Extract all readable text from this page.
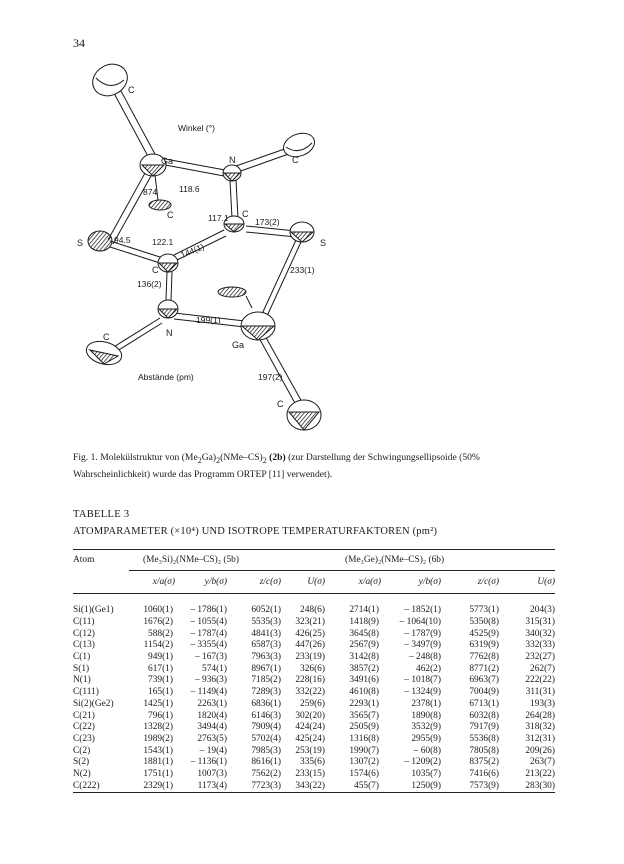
34
C
Ga	N	C
C	C
S	S
C
N
C
Ga
C
Winkel (°)
Abstände (pm)
874	118.6
117.1	173(2)
94.5	122.1 144(1)
233(1)
136(2)
199(1)
197(2)
Fig. 1. Molekülstruktur von $(Me_2Ga)_2(NMe-CS)_2$ (2b) (zur Darstellung der Schwingungsellipsoide (50% Wahrscheinlichkeit) wurde das Programm ORTEP [11] verwendet).
TABELLE 3
ATOMPARAMETER (×10⁴) UND ISOTROPE TEMPERATURFAKTOREN (pm²)
Atom	(Me₃Si)₂(NMe–CS)₂ (5b)				(Me₃Ge)₂(NMe–CS)₂ (6b)			
	x/a(σ)	y/b(σ)	z/c(σ)	U(σ)	x/a(σ)	y/b(σ)	z/c(σ)	U(σ)

Si(1)(Ge1)	1060(1)	– 1786(1)	6052(1)	248(6)	2714(1)	– 1852(1)	5773(1)	204(3)
C(11)	1676(2)	– 1055(4)	5535(3)	323(21)	1418(9)	– 1064(10)	5350(8)	315(31)
C(12)	588(2)	– 1787(4)	4841(3)	426(25)	3645(8)	– 1787(9)	4525(9)	340(32)
C(13)	1154(2)	– 3355(4)	6587(3)	447(26)	2567(9)	– 3497(9)	6319(9)	332(33)
C(1)	949(1)	– 167(3)	7963(3)	233(19)	3142(8)	– 248(8)	7762(8)	232(27)
S(1)	617(1)	574(1)	8967(1)	326(6)	3857(2)	462(2)	8771(2)	262(7)
N(1)	739(1)	– 936(3)	7185(2)	228(16)	3491(6)	– 1018(7)	6963(7)	222(22)
C(111)	165(1)	– 1149(4)	7289(3)	332(22)	4610(8)	– 1324(9)	7004(9)	311(31)
Si(2)(Ge2)	1425(1)	2263(1)	6836(1)	259(6)	2293(1)	2378(1)	6713(1)	193(3)
C(21)	796(1)	1820(4)	6146(3)	302(20)	3565(7)	1890(8)	6032(8)	264(28)
C(22)	1328(2)	3494(4)	7909(4)	424(24)	2505(9)	3532(9)	7917(9)	318(32)
C(23)	1989(2)	2763(5)	5702(4)	425(24)	1316(8)	2955(9)	5536(8)	312(31)
C(2)	1543(1)	– 19(4)	7985(3)	253(19)	1990(7)	– 60(8)	7805(8)	209(26)
S(2)	1881(1)	– 1136(1)	8616(1)	335(6)	1307(2)	– 1209(2)	8375(2)	263(7)
N(2)	1751(1)	1007(3)	7562(2)	233(15)	1574(6)	1035(7)	7416(6)	213(22)
C(222)	2329(1)	1173(4)	7723(3)	343(22)	455(7)	1250(9)	7573(9)	283(30)
